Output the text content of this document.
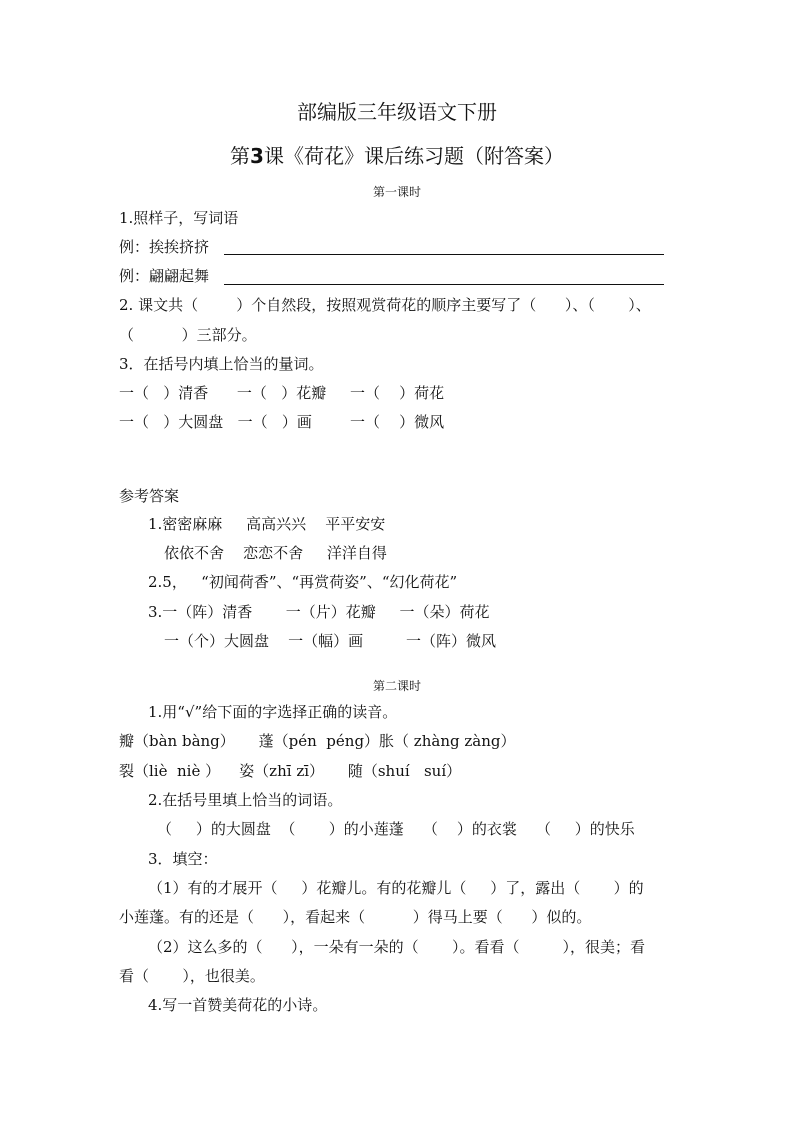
部编版三年级语文下册
第3课《荷花》课后练习题（附答案）
第一课时
1.照样子，写词语
例：挨挨挤挤
例：翩翩起舞
2. 课文共（        ）个自然段，按照观赏荷花的顺序主要写了（      ）、（       ）、
（          ）三部分。
3．在括号内填上恰当的量词。
一（   ）清香      一（   ）花瓣     一（    ）荷花
一（   ）大圆盘   一（   ）画        一（    ）微风
参考答案
1.密密麻麻     高高兴兴    平平安安
依依不舍    恋恋不舍     洋洋自得
2.5，   “初闻荷香”、“再赏荷姿”、“幻化荷花”
3.一（阵）清香       一（片）花瓣     一（朵）荷花
一（个）大圆盘    一（幅）画         一（阵）微风
第二课时
1.用“√”给下面的字选择正确的读音。
瓣（bàn bàng）     蓬（pén  péng）胀（ zhàng zàng）
裂（liè  niè ）    姿（zhī zī）     随（shuí   suí）
2.在括号里填上恰当的词语。
（     ）的大圆盘  （       ）的小莲蓬    （    ）的衣裳    （     ）的快乐
3．填空：
（1）有的才展开（     ）花瓣儿。有的花瓣儿（     ）了，露出（       ）的
小莲蓬。有的还是（      ），看起来（          ）得马上要（      ）似的。
（2）这么多的（      ），一朵有一朵的（       ）。看看（         ），很美；看
看（       ），也很美。
4.写一首赞美荷花的小诗。
